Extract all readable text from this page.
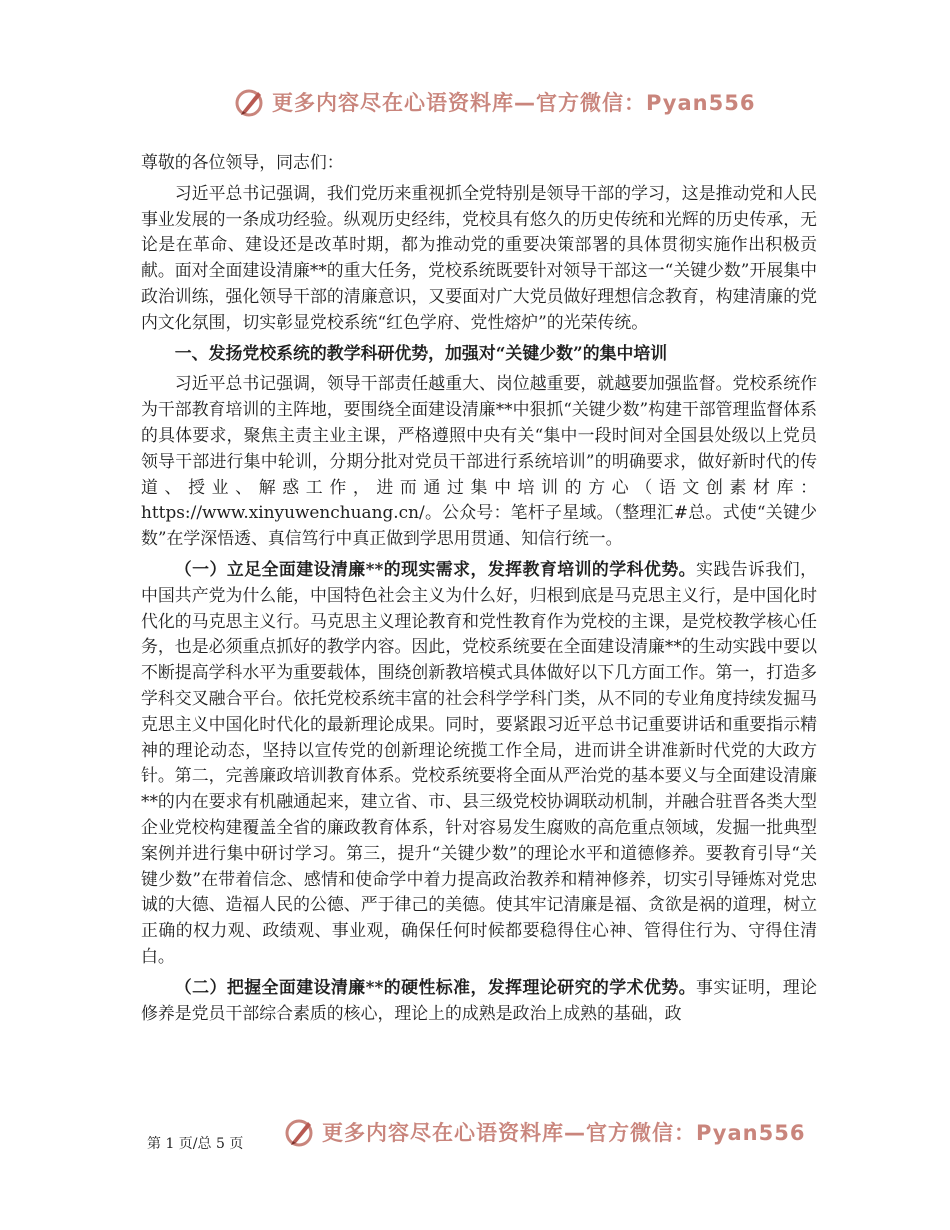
更多内容尽在心语资料库—官方微信：Pyan556

尊敬的各位领导，同志们：

习近平总书记强调，我们党历来重视抓全党特别是领导干部的学习，这是推动党和人民事业发展的一条成功经验。纵观历史经纬，党校具有悠久的历史传统和光辉的历史传承，无论是在革命、建设还是改革时期，都为推动党的重要决策部署的具体贯彻实施作出积极贡献。面对全面建设清廉**的重大任务，党校系统既要针对领导干部这一“关键少数”开展集中政治训练，强化领导干部的清廉意识，又要面对广大党员做好理想信念教育，构建清廉的党内文化氛围，切实彰显党校系统“红色学府、党性熔炉”的光荣传统。

一、发扬党校系统的教学科研优势，加强对“关键少数”的集中培训

习近平总书记强调，领导干部责任越重大、岗位越重要，就越要加强监督。党校系统作为干部教育培训的主阵地，要围绕全面建设清廉**中狠抓“关键少数”构建干部管理监督体系的具体要求，聚焦主责主业主课，严格遵照中央有关“集中一段时间对全国县处级以上党员领导干部进行集中轮训，分期分批对党员干部进行系统培训”的明确要求，做好新时代的传道、授业、解惑工作，进而通过集中培训的方心（语文创素材库：https://www.xinyuwenchuang.cn/。公众号：笔杆子星域。（整理汇#总。式使“关键少数”在学深悟透、真信笃行中真正做到学思用贯通、知信行统一。

（一）立足全面建设清廉**的现实需求，发挥教育培训的学科优势。实践告诉我们，中国共产党为什么能，中国特色社会主义为什么好，归根到底是马克思主义行，是中国化时代化的马克思主义行。马克思主义理论教育和党性教育作为党校的主课，是党校教学核心任务，也是必须重点抓好的教学内容。因此，党校系统要在全面建设清廉**的生动实践中要以不断提高学科水平为重要载体，围绕创新教培模式具体做好以下几方面工作。第一，打造多学科交叉融合平台。依托党校系统丰富的社会科学学科门类，从不同的专业角度持续发掘马克思主义中国化时代化的最新理论成果。同时，要紧跟习近平总书记重要讲话和重要指示精神的理论动态，坚持以宣传党的创新理论统揽工作全局，进而讲全讲准新时代党的大政方针。第二，完善廉政培训教育体系。党校系统要将全面从严治党的基本要义与全面建设清廉**的内在要求有机融通起来，建立省、市、县三级党校协调联动机制，并融合驻晋各类大型企业党校构建覆盖全省的廉政教育体系，针对容易发生腐败的高危重点领域，发掘一批典型案例并进行集中研讨学习。第三，提升“关键少数”的理论水平和道德修养。要教育引导“关键少数”在带着信念、感情和使命学中着力提高政治教养和精神修养，切实引导锤炼对党忠诚的大德、造福人民的公德、严于律己的美德。使其牢记清廉是福、贪欲是祸的道理，树立正确的权力观、政绩观、事业观，确保任何时候都要稳得住心神、管得住行为、守得住清白。

（二）把握全面建设清廉**的硬性标准，发挥理论研究的学术优势。事实证明，理论修养是党员干部综合素质的核心，理论上的成熟是政治上成熟的基础，政

更多内容尽在心语资料库—官方微信：Pyan556
第 1 页/总 5 页
